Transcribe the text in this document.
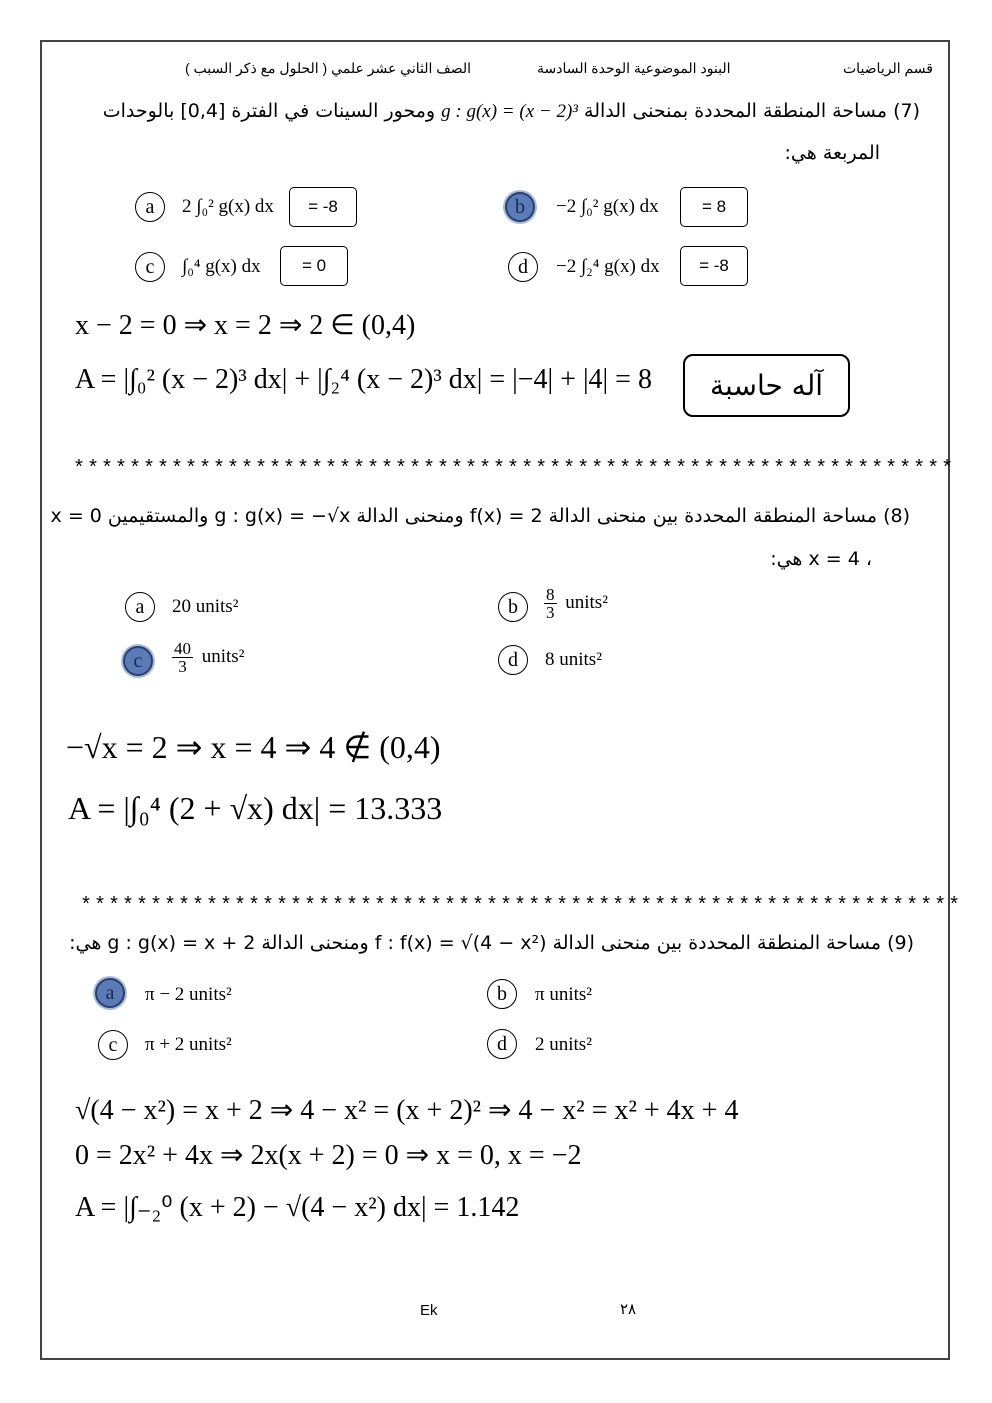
قسم الرياضيات
البنود الموضوعية الوحدة السادسة
الصف الثاني عشر علمي ( الحلول مع ذكر السبب )
(7) مساحة المنطقة المحددة بمنحنى الدالة g : g(x) = (x − 2)³ ومحور السينات في الفترة [0,4] بالوحدات
المربعة هي:
a	2 ∫₀² g(x) dx	= -8	b	−2 ∫₀² g(x) dx	= 8
c	∫₀⁴ g(x) dx	= 0	d	−2 ∫₂⁴ g(x) dx	= -8
x − 2 = 0 ⇒ x = 2 ⇒ 2 ∈ (0,4)
A = |∫₀² (x − 2)³ dx| + |∫₂⁴ (x − 2)³ dx| = |−4| + |4| = 8	آله حاسبة
***************************************************************
(8) مساحة المنطقة المحددة بين منحنى الدالة f(x) = 2 ومنحنى الدالة g : g(x) = −√x والمستقيمين x = 0
، x = 4 هي:
a	20 units²	b	$\frac{8}{3}$ units²
c	$\frac{40}{3}$ units²	d	8 units²
−√x = 2 ⇒ x = 4 ⇒ 4 ∉ (0,4)
A = |∫₀⁴ (2 + √x) dx| = 13.333
***************************************************************
(9) مساحة المنطقة المحددة بين منحنى الدالة f : f(x) = √(4 − x²) ومنحنى الدالة g : g(x) = x + 2 هي:
a	π − 2 units²	b	π units²
c	π + 2 units²	d	2 units²
√(4 − x²) = x + 2 ⇒ 4 − x² = (x + 2)² ⇒ 4 − x² = x² + 4x + 4
0 = 2x² + 4x ⇒ 2x(x + 2) = 0 ⇒ x = 0, x = −2
A = |∫₋₂⁰ (x + 2) − √(4 − x²) dx| = 1.142
Ek	٢٨
